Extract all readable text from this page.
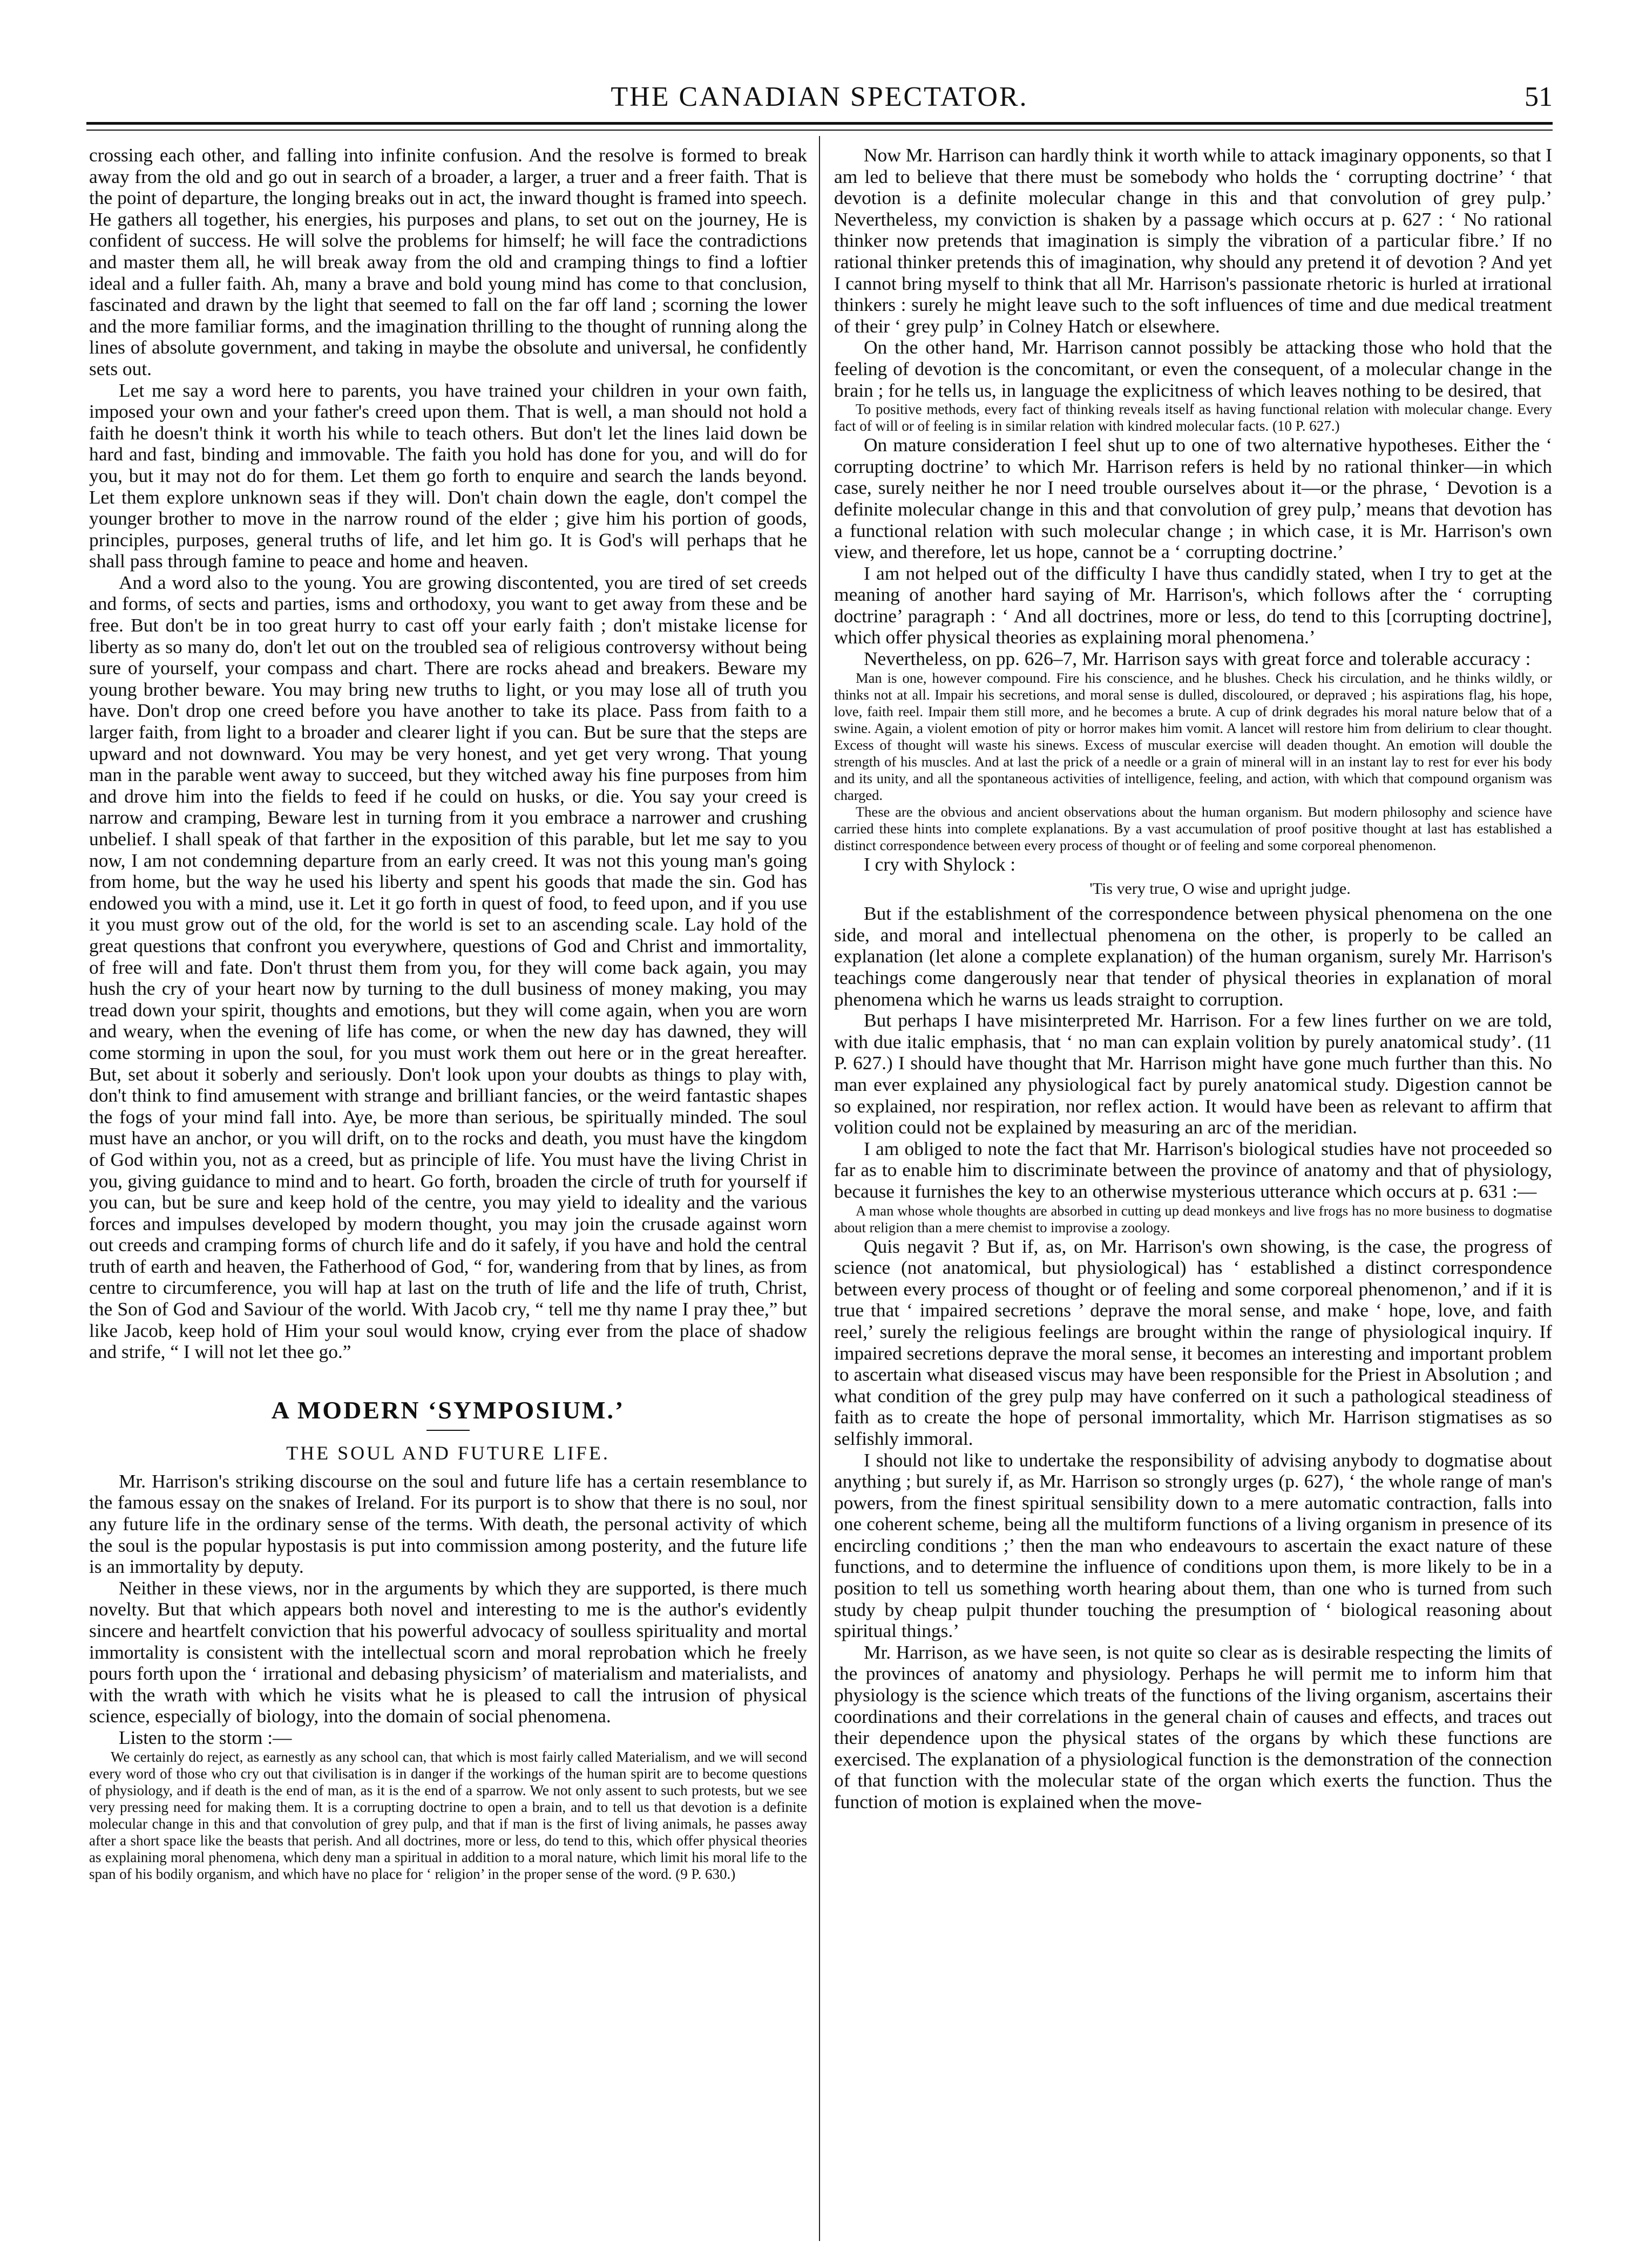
THE CANADIAN SPECTATOR.	51

crossing each other, and falling into infinite confusion. And the resolve is formed to break away from the old and go out in search of a broader, a larger, a truer and a freer faith. That is the point of departure, the longing breaks out in act, the inward thought is framed into speech. He gathers all together, his energies, his purposes and plans, to set out on the journey, He is confident of success. He will solve the problems for himself; he will face the contradictions and master them all, he will break away from the old and cramping things to find a loftier ideal and a fuller faith. Ah, many a brave and bold young mind has come to that conclusion, fascinated and drawn by the light that seemed to fall on the far off land ; scorning the lower and the more familiar forms, and the imagination thrilling to the thought of running along the lines of absolute government, and taking in maybe the obsolute and universal, he confidently sets out.

Let me say a word here to parents, you have trained your children in your own faith, imposed your own and your father's creed upon them. That is well, a man should not hold a faith he doesn't think it worth his while to teach others. But don't let the lines laid down be hard and fast, binding and immovable. The faith you hold has done for you, and will do for you, but it may not do for them. Let them go forth to enquire and search the lands beyond. Let them explore unknown seas if they will. Don't chain down the eagle, don't compel the younger brother to move in the narrow round of the elder ; give him his portion of goods, principles, purposes, general truths of life, and let him go. It is God's will perhaps that he shall pass through famine to peace and home and heaven.

And a word also to the young. You are growing discontented, you are tired of set creeds and forms, of sects and parties, isms and orthodoxy, you want to get away from these and be free. But don't be in too great hurry to cast off your early faith ; don't mistake license for liberty as so many do, don't let out on the troubled sea of religious controversy without being sure of yourself, your compass and chart. There are rocks ahead and breakers. Beware my young brother beware. You may bring new truths to light, or you may lose all of truth you have. Don't drop one creed before you have another to take its place. Pass from faith to a larger faith, from light to a broader and clearer light if you can. But be sure that the steps are upward and not downward. You may be very honest, and yet get very wrong. That young man in the parable went away to succeed, but they witched away his fine purposes from him and drove him into the fields to feed if he could on husks, or die. You say your creed is narrow and cramping, Beware lest in turning from it you embrace a narrower and crushing unbelief. I shall speak of that farther in the exposition of this parable, but let me say to you now, I am not condemning departure from an early creed. It was not this young man's going from home, but the way he used his liberty and spent his goods that made the sin. God has endowed you with a mind, use it. Let it go forth in quest of food, to feed upon, and if you use it you must grow out of the old, for the world is set to an ascending scale. Lay hold of the great questions that confront you everywhere, questions of God and Christ and immortality, of free will and fate. Don't thrust them from you, for they will come back again, you may hush the cry of your heart now by turning to the dull business of money making, you may tread down your spirit, thoughts and emotions, but they will come again, when you are worn and weary, when the evening of life has come, or when the new day has dawned, they will come storming in upon the soul, for you must work them out here or in the great hereafter. But, set about it soberly and seriously. Don't look upon your doubts as things to play with, don't think to find amusement with strange and brilliant fancies, or the weird fantastic shapes the fogs of your mind fall into. Aye, be more than serious, be spiritually minded. The soul must have an anchor, or you will drift, on to the rocks and death, you must have the kingdom of God within you, not as a creed, but as principle of life. You must have the living Christ in you, giving guidance to mind and to heart. Go forth, broaden the circle of truth for yourself if you can, but be sure and keep hold of the centre, you may yield to ideality and the various forces and impulses developed by modern thought, you may join the crusade against worn out creeds and cramping forms of church life and do it safely, if you have and hold the central truth of earth and heaven, the Fatherhood of God, “ for, wandering from that by lines, as from centre to circumference, you will hap at last on the truth of life and the life of truth, Christ, the Son of God and Saviour of the world. With Jacob cry, “ tell me thy name I pray thee,” but like Jacob, keep hold of Him your soul would know, crying ever from the place of shadow and strife, “ I will not let thee go.”

A MODERN ‘SYMPOSIUM.’
THE SOUL AND FUTURE LIFE.

Mr. Harrison's striking discourse on the soul and future life has a certain resemblance to the famous essay on the snakes of Ireland. For its purport is to show that there is no soul, nor any future life in the ordinary sense of the terms. With death, the personal activity of which the soul is the popular hypostasis is put into commission among posterity, and the future life is an immortality by deputy.

Neither in these views, nor in the arguments by which they are supported, is there much novelty. But that which appears both novel and interesting to me is the author's evidently sincere and heartfelt conviction that his powerful advocacy of soulless spirituality and mortal immortality is consistent with the intellectual scorn and moral reprobation which he freely pours forth upon the ‘ irrational and debasing physicism’ of materialism and materialists, and with the wrath with which he visits what he is pleased to call the intrusion of physical science, especially of biology, into the domain of social phenomena.

Listen to the storm :—

We certainly do reject, as earnestly as any school can, that which is most fairly called Materialism, and we will second every word of those who cry out that civilisation is in danger if the workings of the human spirit are to become questions of physiology, and if death is the end of man, as it is the end of a sparrow. We not only assent to such protests, but we see very pressing need for making them. It is a corrupting doctrine to open a brain, and to tell us that devotion is a definite molecular change in this and that convolution of grey pulp, and that if man is the first of living animals, he passes away after a short space like the beasts that perish. And all doctrines, more or less, do tend to this, which offer physical theories as explaining moral phenomena, which deny man a spiritual in addition to a moral nature, which limit his moral life to the span of his bodily organism, and which have no place for ‘ religion’ in the proper sense of the word. (9 P. 630.)

Now Mr. Harrison can hardly think it worth while to attack imaginary opponents, so that I am led to believe that there must be somebody who holds the ‘ corrupting doctrine’ ‘ that devotion is a definite molecular change in this and that convolution of grey pulp.’ Nevertheless, my conviction is shaken by a passage which occurs at p. 627 : ‘ No rational thinker now pretends that imagination is simply the vibration of a particular fibre.’ If no rational thinker pretends this of imagination, why should any pretend it of devotion ? And yet I cannot bring myself to think that all Mr. Harrison's passionate rhetoric is hurled at irrational thinkers : surely he might leave such to the soft influences of time and due medical treatment of their ‘ grey pulp’ in Colney Hatch or elsewhere.

On the other hand, Mr. Harrison cannot possibly be attacking those who hold that the feeling of devotion is the concomitant, or even the consequent, of a molecular change in the brain ; for he tells us, in language the explicitness of which leaves nothing to be desired, that

To positive methods, every fact of thinking reveals itself as having functional relation with molecular change. Every fact of will or of feeling is in similar relation with kindred molecular facts. (10 P. 627.)

On mature consideration I feel shut up to one of two alternative hypotheses. Either the ‘ corrupting doctrine’ to which Mr. Harrison refers is held by no rational thinker—in which case, surely neither he nor I need trouble ourselves about it—or the phrase, ‘ Devotion is a definite molecular change in this and that convolution of grey pulp,’ means that devotion has a functional relation with such molecular change ; in which case, it is Mr. Harrison's own view, and therefore, let us hope, cannot be a ‘ corrupting doctrine.’

I am not helped out of the difficulty I have thus candidly stated, when I try to get at the meaning of another hard saying of Mr. Harrison's, which follows after the ‘ corrupting doctrine’ paragraph : ‘ And all doctrines, more or less, do tend to this [corrupting doctrine], which offer physical theories as explaining moral phenomena.’

Nevertheless, on pp. 626–7, Mr. Harrison says with great force and tolerable accuracy :

Man is one, however compound. Fire his conscience, and he blushes. Check his circulation, and he thinks wildly, or thinks not at all. Impair his secretions, and moral sense is dulled, discoloured, or depraved ; his aspirations flag, his hope, love, faith reel. Impair them still more, and he becomes a brute. A cup of drink degrades his moral nature below that of a swine. Again, a violent emotion of pity or horror makes him vomit. A lancet will restore him from delirium to clear thought. Excess of thought will waste his sinews. Excess of muscular exercise will deaden thought. An emotion will double the strength of his muscles. And at last the prick of a needle or a grain of mineral will in an instant lay to rest for ever his body and its unity, and all the spontaneous activities of intelligence, feeling, and action, with which that compound organism was charged.
These are the obvious and ancient observations about the human organism. But modern philosophy and science have carried these hints into complete explanations. By a vast accumulation of proof positive thought at last has established a distinct correspondence between every process of thought or of feeling and some corporeal phenomenon.

I cry with Shylock :

'Tis very true, O wise and upright judge.

But if the establishment of the correspondence between physical phenomena on the one side, and moral and intellectual phenomena on the other, is properly to be called an explanation (let alone a complete explanation) of the human organism, surely Mr. Harrison's teachings come dangerously near that tender of physical theories in explanation of moral phenomena which he warns us leads straight to corruption.

But perhaps I have misinterpreted Mr. Harrison. For a few lines further on we are told, with due italic emphasis, that ‘ no man can explain volition by purely anatomical study’. (11 P. 627.) I should have thought that Mr. Harrison might have gone much further than this. No man ever explained any physiological fact by purely anatomical study. Digestion cannot be so explained, nor respiration, nor reflex action. It would have been as relevant to affirm that volition could not be explained by measuring an arc of the meridian.

I am obliged to note the fact that Mr. Harrison's biological studies have not proceeded so far as to enable him to discriminate between the province of anatomy and that of physiology, because it furnishes the key to an otherwise mysterious utterance which occurs at p. 631 :—

A man whose whole thoughts are absorbed in cutting up dead monkeys and live frogs has no more business to dogmatise about religion than a mere chemist to improvise a zoology.

Quis negavit ? But if, as, on Mr. Harrison's own showing, is the case, the progress of science (not anatomical, but physiological) has ‘ established a distinct correspondence between every process of thought or of feeling and some corporeal phenomenon,’ and if it is true that ‘ impaired secretions ’ deprave the moral sense, and make ‘ hope, love, and faith reel,’ surely the religious feelings are brought within the range of physiological inquiry. If impaired secretions deprave the moral sense, it becomes an interesting and important problem to ascertain what diseased viscus may have been responsible for the Priest in Absolution ; and what condition of the grey pulp may have conferred on it such a pathological steadiness of faith as to create the hope of personal immortality, which Mr. Harrison stigmatises as so selfishly immoral.

I should not like to undertake the responsibility of advising anybody to dogmatise about anything ; but surely if, as Mr. Harrison so strongly urges (p. 627), ‘ the whole range of man's powers, from the finest spiritual sensibility down to a mere automatic contraction, falls into one coherent scheme, being all the multiform functions of a living organism in presence of its encircling conditions ;’ then the man who endeavours to ascertain the exact nature of these functions, and to determine the influence of conditions upon them, is more likely to be in a position to tell us something worth hearing about them, than one who is turned from such study by cheap pulpit thunder touching the presumption of ‘ biological reasoning about spiritual things.’

Mr. Harrison, as we have seen, is not quite so clear as is desirable respecting the limits of the provinces of anatomy and physiology. Perhaps he will permit me to inform him that physiology is the science which treats of the functions of the living organism, ascertains their coordinations and their correlations in the general chain of causes and effects, and traces out their dependence upon the physical states of the organs by which these functions are exercised. The explanation of a physiological function is the demonstration of the connection of that function with the molecular state of the organ which exerts the function. Thus the function of motion is explained when the move-
